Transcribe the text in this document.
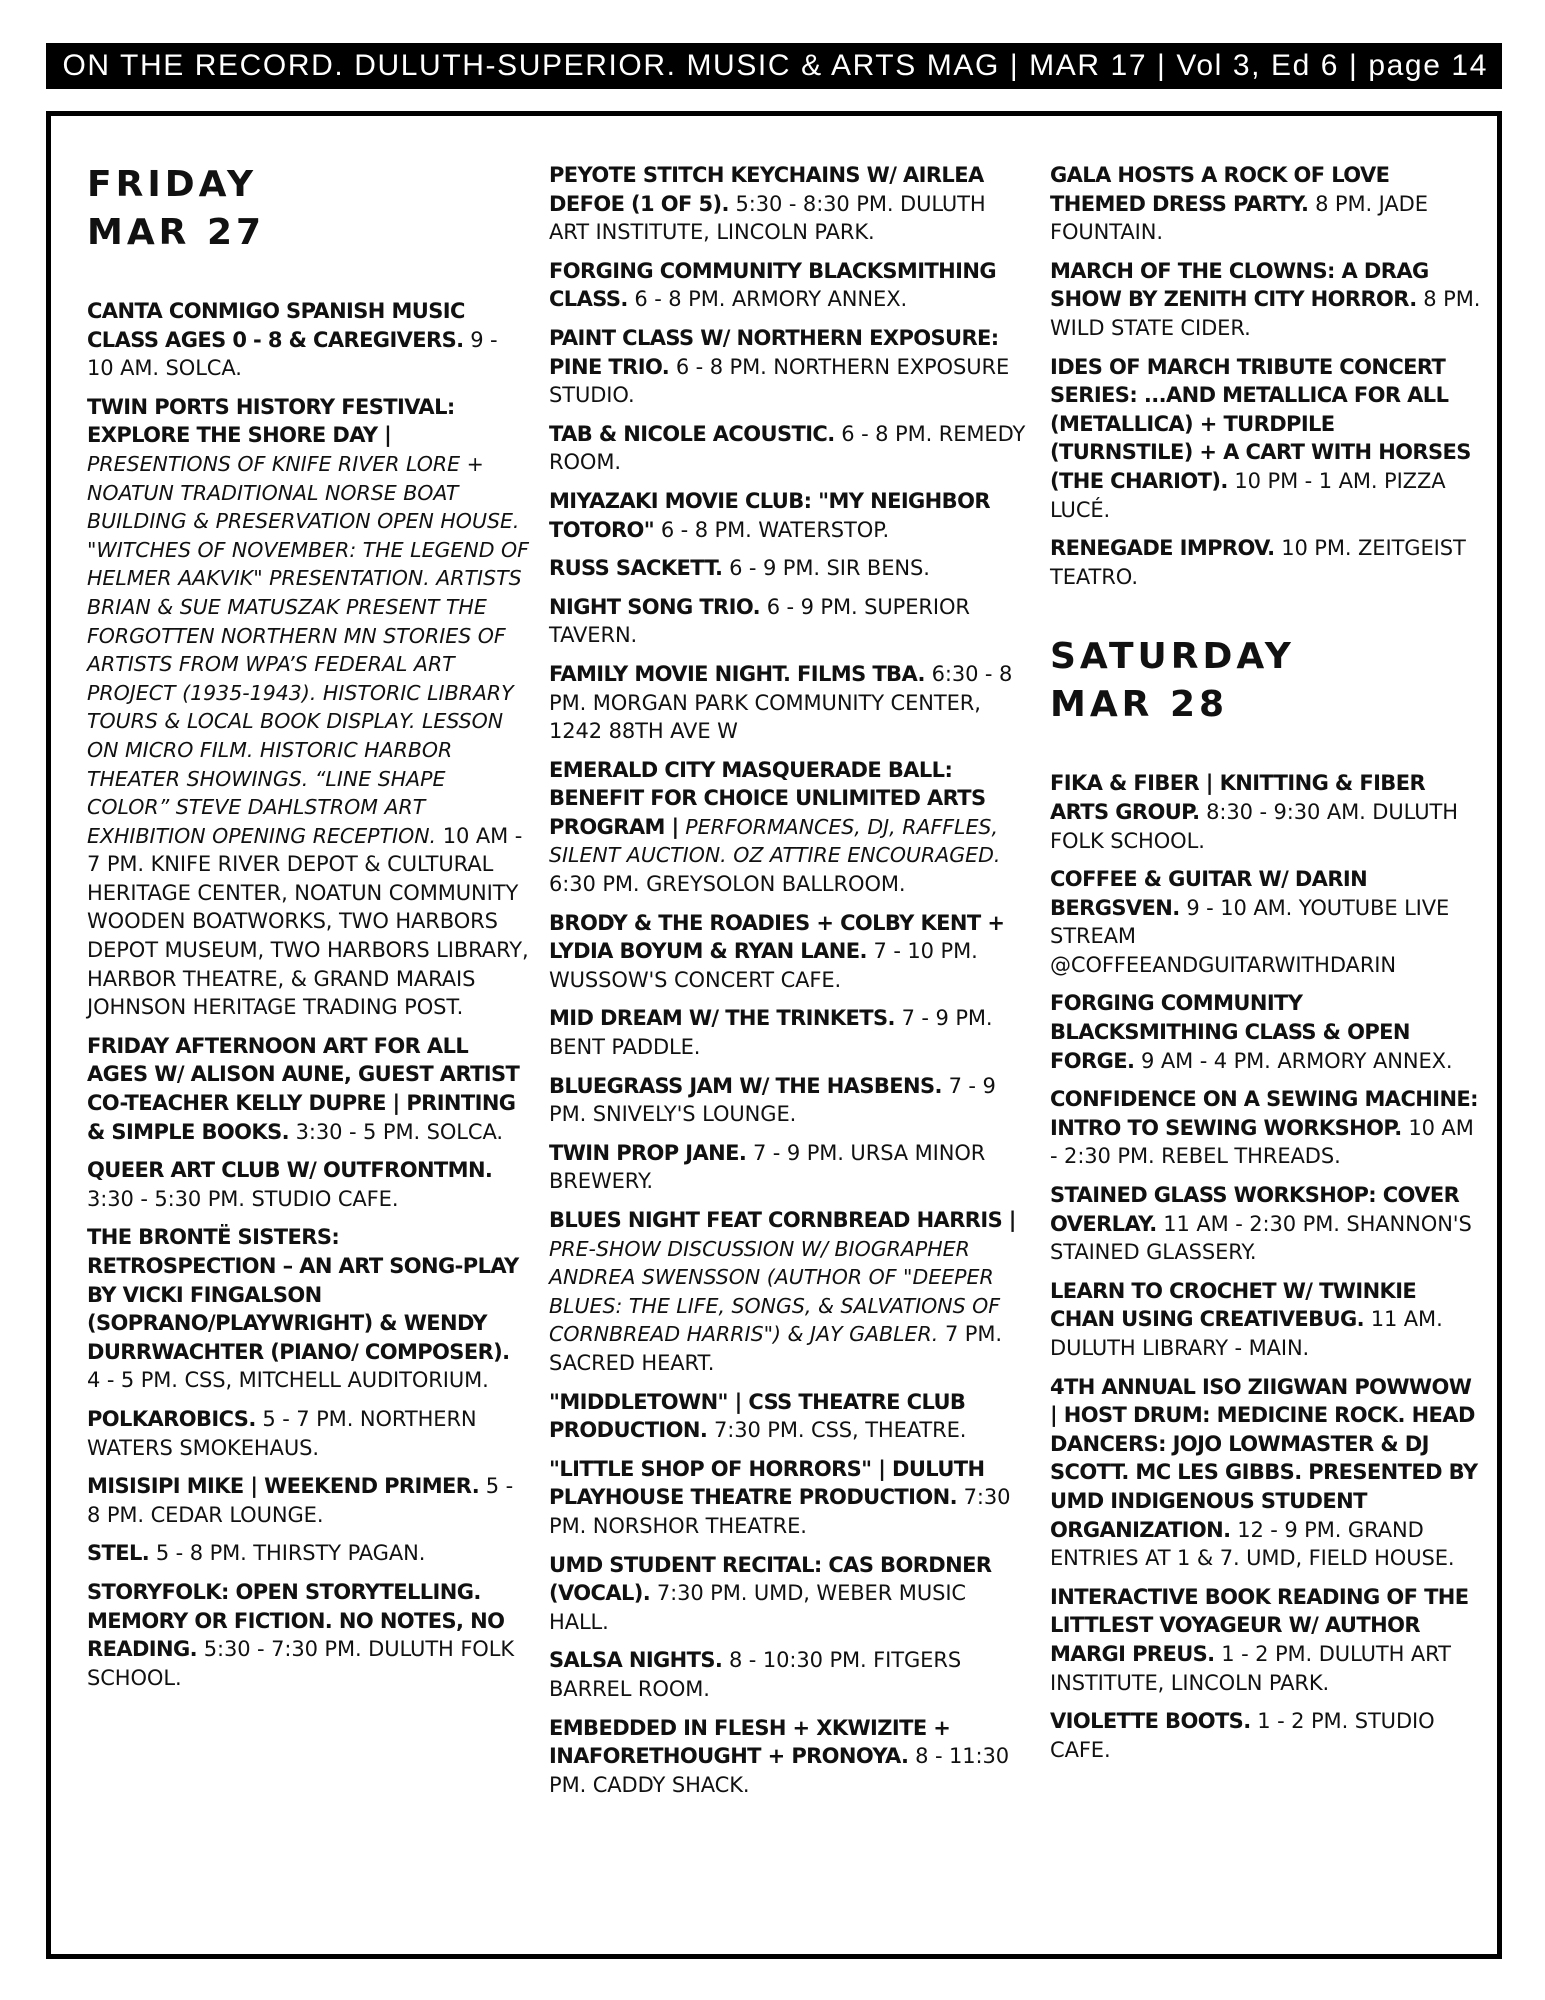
ON THE RECORD. DULUTH-SUPERIOR. MUSIC & ARTS MAG | MAR 17 | Vol 3, Ed 6 | page 14
FRIDAY
MAR 27
CANTA CONMIGO SPANISH MUSIC CLASS AGES 0 - 8 & CAREGIVERS. 9 - 10 AM. SOLCA.
TWIN PORTS HISTORY FESTIVAL: EXPLORE THE SHORE DAY | PRESENTIONS OF KNIFE RIVER LORE + NOATUN TRADITIONAL NORSE BOAT BUILDING & PRESERVATION OPEN HOUSE. "WITCHES OF NOVEMBER: THE LEGEND OF HELMER AAKVIK" PRESENTATION. ARTISTS BRIAN & SUE MATUSZAK PRESENT THE FORGOTTEN NORTHERN MN STORIES OF ARTISTS FROM WPA’S FEDERAL ART PROJECT (1935-1943). HISTORIC LIBRARY TOURS & LOCAL BOOK DISPLAY. LESSON ON MICRO FILM. HISTORIC HARBOR THEATER SHOWINGS. “LINE SHAPE COLOR” STEVE DAHLSTROM ART EXHIBITION OPENING RECEPTION. 10 AM - 7 PM. KNIFE RIVER DEPOT & CULTURAL HERITAGE CENTER, NOATUN COMMUNITY WOODEN BOATWORKS, TWO HARBORS DEPOT MUSEUM, TWO HARBORS LIBRARY, HARBOR THEATRE, & GRAND MARAIS JOHNSON HERITAGE TRADING POST.
FRIDAY AFTERNOON ART FOR ALL AGES W/ ALISON AUNE, GUEST ARTIST CO-TEACHER KELLY DUPRE | PRINTING & SIMPLE BOOKS. 3:30 - 5 PM. SOLCA.
QUEER ART CLUB W/ OUTFRONTMN. 3:30 - 5:30 PM. STUDIO CAFE.
THE BRONTË SISTERS: RETROSPECTION – AN ART SONG-PLAY BY VICKI FINGALSON (SOPRANO/PLAYWRIGHT) & WENDY DURRWACHTER (PIANO/ COMPOSER). 4 - 5 PM. CSS, MITCHELL AUDITORIUM.
POLKAROBICS. 5 - 7 PM. NORTHERN WATERS SMOKEHAUS.
MISISIPI MIKE | WEEKEND PRIMER. 5 - 8 PM. CEDAR LOUNGE.
STEL. 5 - 8 PM. THIRSTY PAGAN.
STORYFOLK: OPEN STORYTELLING. MEMORY OR FICTION. NO NOTES, NO READING. 5:30 - 7:30 PM. DULUTH FOLK SCHOOL.
PEYOTE STITCH KEYCHAINS W/ AIRLEA DEFOE (1 OF 5). 5:30 - 8:30 PM. DULUTH ART INSTITUTE, LINCOLN PARK.
FORGING COMMUNITY BLACKSMITHING CLASS. 6 - 8 PM. ARMORY ANNEX.
PAINT CLASS W/ NORTHERN EXPOSURE: PINE TRIO. 6 - 8 PM. NORTHERN EXPOSURE STUDIO.
TAB & NICOLE ACOUSTIC. 6 - 8 PM. REMEDY ROOM.
MIYAZAKI MOVIE CLUB: "MY NEIGHBOR TOTORO" 6 - 8 PM. WATERSTOP.
RUSS SACKETT. 6 - 9 PM. SIR BENS.
NIGHT SONG TRIO. 6 - 9 PM. SUPERIOR TAVERN.
FAMILY MOVIE NIGHT. FILMS TBA. 6:30 - 8 PM. MORGAN PARK COMMUNITY CENTER, 1242 88TH AVE W
EMERALD CITY MASQUERADE BALL: BENEFIT FOR CHOICE UNLIMITED ARTS PROGRAM | PERFORMANCES, DJ, RAFFLES, SILENT AUCTION. OZ ATTIRE ENCOURAGED. 6:30 PM. GREYSOLON BALLROOM.
BRODY & THE ROADIES + COLBY KENT + LYDIA BOYUM & RYAN LANE. 7 - 10 PM. WUSSOW'S CONCERT CAFE.
MID DREAM W/ THE TRINKETS. 7 - 9 PM. BENT PADDLE.
BLUEGRASS JAM W/ THE HASBENS. 7 - 9 PM. SNIVELY'S LOUNGE.
TWIN PROP JANE. 7 - 9 PM. URSA MINOR BREWERY.
BLUES NIGHT FEAT CORNBREAD HARRIS | PRE-SHOW DISCUSSION W/ BIOGRAPHER ANDREA SWENSSON (AUTHOR OF "DEEPER BLUES: THE LIFE, SONGS, & SALVATIONS OF CORNBREAD HARRIS") & JAY GABLER. 7 PM. SACRED HEART.
"MIDDLETOWN" | CSS THEATRE CLUB PRODUCTION. 7:30 PM. CSS, THEATRE.
"LITTLE SHOP OF HORRORS" | DULUTH PLAYHOUSE THEATRE PRODUCTION. 7:30 PM. NORSHOR THEATRE.
UMD STUDENT RECITAL: CAS BORDNER (VOCAL). 7:30 PM. UMD, WEBER MUSIC HALL.
SALSA NIGHTS. 8 - 10:30 PM. FITGERS BARREL ROOM.
EMBEDDED IN FLESH + XKWIZITE + INAFORETHOUGHT + PRONOYA. 8 - 11:30 PM. CADDY SHACK.
GALA HOSTS A ROCK OF LOVE THEMED DRESS PARTY. 8 PM. JADE FOUNTAIN.
MARCH OF THE CLOWNS: A DRAG SHOW BY ZENITH CITY HORROR. 8 PM. WILD STATE CIDER.
IDES OF MARCH TRIBUTE CONCERT SERIES: ...AND METALLICA FOR ALL (METALLICA) + TURDPILE (TURNSTILE) + A CART WITH HORSES (THE CHARIOT). 10 PM - 1 AM. PIZZA LUCÉ.
RENEGADE IMPROV. 10 PM. ZEITGEIST TEATRO.
SATURDAY
MAR 28
FIKA & FIBER | KNITTING & FIBER ARTS GROUP. 8:30 - 9:30 AM. DULUTH FOLK SCHOOL.
COFFEE & GUITAR W/ DARIN BERGSVEN. 9 - 10 AM. YOUTUBE LIVE STREAM @COFFEEANDGUITARWITHDARIN
FORGING COMMUNITY BLACKSMITHING CLASS & OPEN FORGE. 9 AM - 4 PM. ARMORY ANNEX.
CONFIDENCE ON A SEWING MACHINE: INTRO TO SEWING WORKSHOP. 10 AM - 2:30 PM. REBEL THREADS.
STAINED GLASS WORKSHOP: COVER OVERLAY. 11 AM - 2:30 PM. SHANNON'S STAINED GLASSERY.
LEARN TO CROCHET W/ TWINKIE CHAN USING CREATIVEBUG. 11 AM. DULUTH LIBRARY - MAIN.
4TH ANNUAL ISO ZIIGWAN POWWOW | HOST DRUM: MEDICINE ROCK. HEAD DANCERS: JOJO LOWMASTER & DJ SCOTT. MC LES GIBBS. PRESENTED BY UMD INDIGENOUS STUDENT ORGANIZATION. 12 - 9 PM. GRAND ENTRIES AT 1 & 7. UMD, FIELD HOUSE.
INTERACTIVE BOOK READING OF THE LITTLEST VOYAGEUR W/ AUTHOR MARGI PREUS. 1 - 2 PM. DULUTH ART INSTITUTE, LINCOLN PARK.
VIOLETTE BOOTS. 1 - 2 PM. STUDIO CAFE.
